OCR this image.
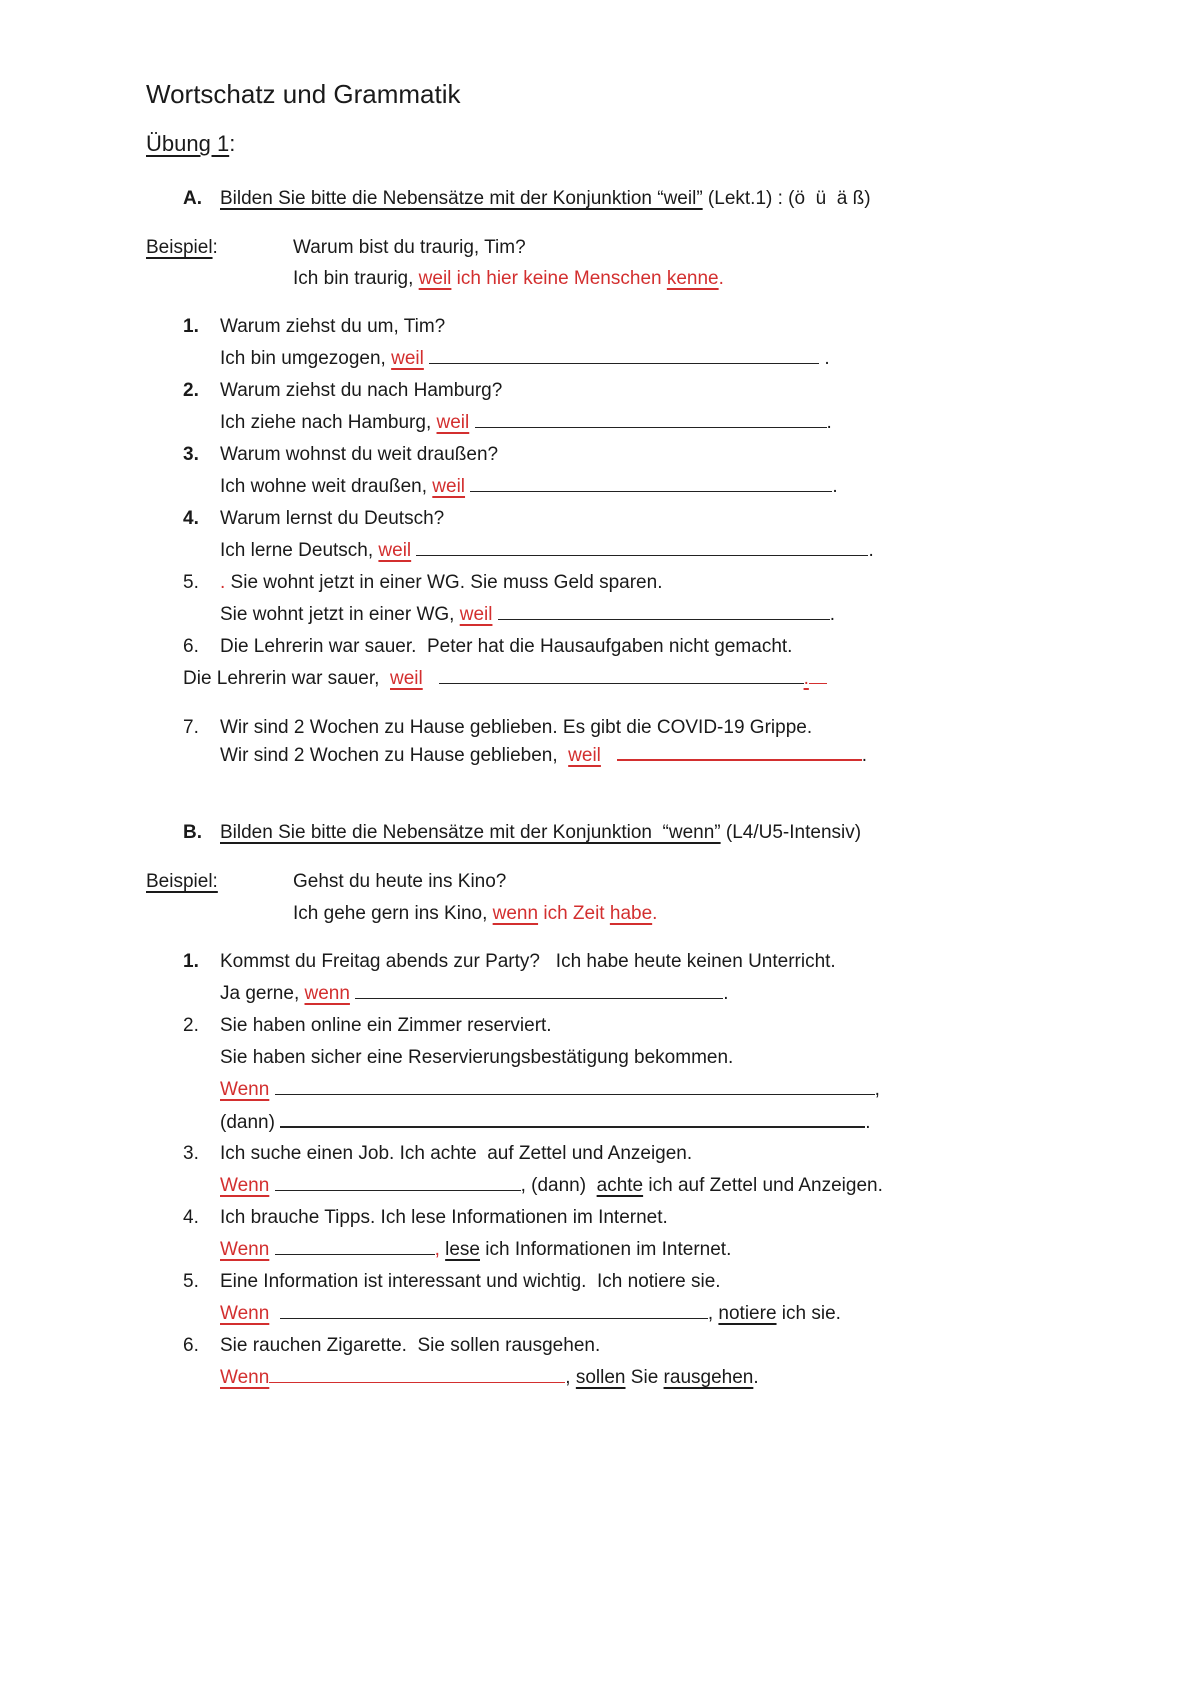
Wortschatz und Grammatik
Übung 1:
A. Bilden Sie bitte die Nebensätze mit der Konjunktion “weil” (Lekt.1) : (ö  ü  ä ß)
Beispiel:	Warum bist du traurig, Tim?
Ich bin traurig, weil ich hier keine Menschen kenne.
1. Warum ziehst du um, Tim?
Ich bin umgezogen, weil	.
2. Warum ziehst du nach Hamburg?
Ich ziehe nach Hamburg, weil	.
3. Warum wohnst du weit draußen?
Ich wohne weit draußen, weil	.
4. Warum lernst du Deutsch?
Ich lerne Deutsch, weil	.
5. . Sie wohnt jetzt in einer WG. Sie muss Geld sparen.
Sie wohnt jetzt in einer WG, weil	.
6. Die Lehrerin war sauer.  Peter hat die Hausaufgaben nicht gemacht.
Die Lehrerin war sauer,  weil	.
7. Wir sind 2 Wochen zu Hause geblieben. Es gibt die COVID-19 Grippe.
Wir sind 2 Wochen zu Hause geblieben,  weil	.
B. Bilden Sie bitte die Nebensätze mit der Konjunktion  “wenn” (L4/U5-Intensiv)
Beispiel:	Gehst du heute ins Kino?
Ich gehe gern ins Kino, wenn ich Zeit habe.
1. Kommst du Freitag abends zur Party?   Ich habe heute keinen Unterricht.
Ja gerne, wenn	.
2. Sie haben online ein Zimmer reserviert.
Sie haben sicher eine Reservierungsbestätigung bekommen.
Wenn	,
(dann)	.
3. Ich suche einen Job. Ich achte  auf Zettel und Anzeigen.
Wenn	, (dann)  achte ich auf Zettel und Anzeigen.
4. Ich brauche Tipps. Ich lese Informationen im Internet.
Wenn	, lese ich Informationen im Internet.
5. Eine Information ist interessant und wichtig.  Ich notiere sie.
Wenn	, notiere ich sie.
6. Sie rauchen Zigarette.  Sie sollen rausgehen.
Wenn	, sollen Sie rausgehen.
